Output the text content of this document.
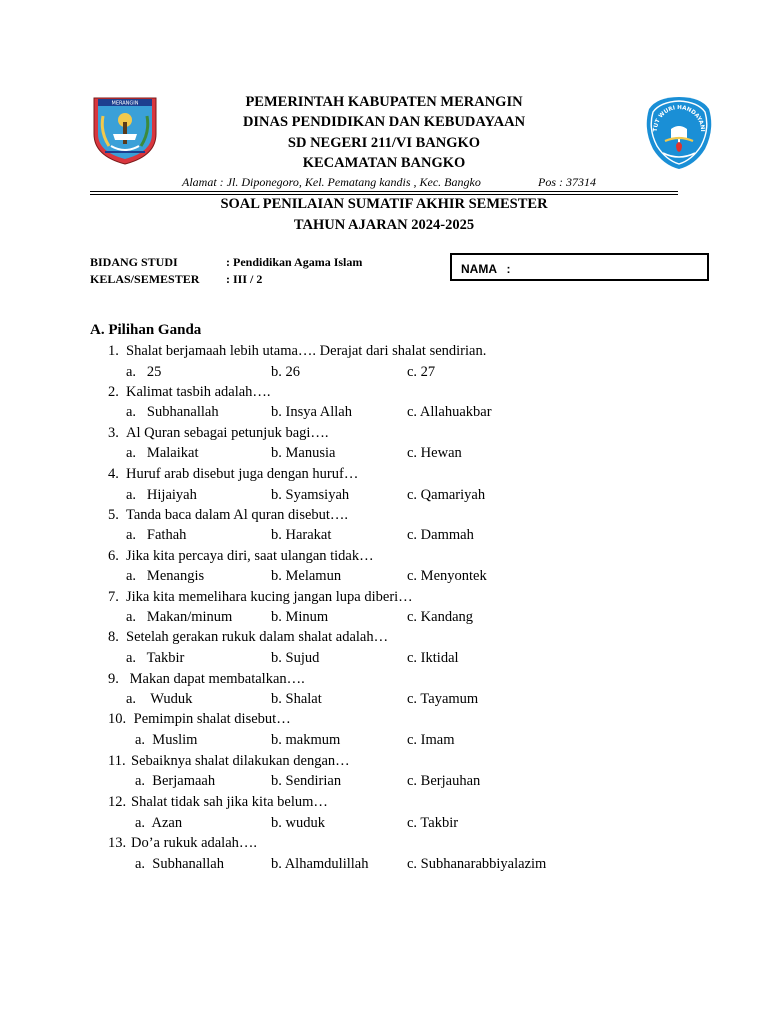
MERANGIN
TUT WURI HANDAYANI
PEMERINTAH KABUPATEN MERANGIN
DINAS PENDIDIKAN DAN KEBUDAYAAN
SD NEGERI 211/VI BANGKO
KECAMATAN BANGKO
Alamat : Jl. Diponegoro, Kel. Pematang kandis , Kec. Bangko	Pos : 37314
SOAL PENILAIAN SUMATIF AKHIR SEMESTER
TAHUN AJARAN 2024-2025
BIDANG STUDI	: Pendidikan Agama Islam
KELAS/SEMESTER : III / 2
NAMA   :
A. Pilihan Ganda
1. Shalat berjamaah lebih utama…. Derajat dari shalat sendirian.
a.   25	b. 26	c. 27
2. Kalimat tasbih adalah….
a.   Subhanallah	b. Insya Allah	c. Allahuakbar
3. Al Quran sebagai petunjuk bagi….
a.   Malaikat	b. Manusia	c. Hewan
4. Huruf arab disebut juga dengan huruf…
a.   Hijaiyah	b. Syamsiyah	c. Qamariyah
5. Tanda baca dalam Al quran disebut….
a.   Fathah	b. Harakat	c. Dammah
6. Jika kita percaya diri, saat ulangan tidak…
a.   Menangis	b. Melamun	c. Menyontek
7. Jika kita memelihara kucing jangan lupa diberi…
a.   Makan/minum	b. Minum	c. Kandang
8. Setelah gerakan rukuk dalam shalat adalah…
a.   Takbir	b. Sujud	c. Iktidal
9. Makan dapat membatalkan….
a.    Wuduk	b. Shalat	c. Tayamum
10. Pemimpin shalat disebut…
a.  Muslim	b. makmum	c. Imam
11. Sebaiknya shalat dilakukan dengan…
a.  Berjamaah	b. Sendirian	c. Berjauhan
12. Shalat tidak sah jika kita belum…
a.  Azan	b. wuduk	c. Takbir
13. Do’a rukuk adalah….
a.  Subhanallah	b. Alhamdulillah	c. Subhanarabbiyalazim
